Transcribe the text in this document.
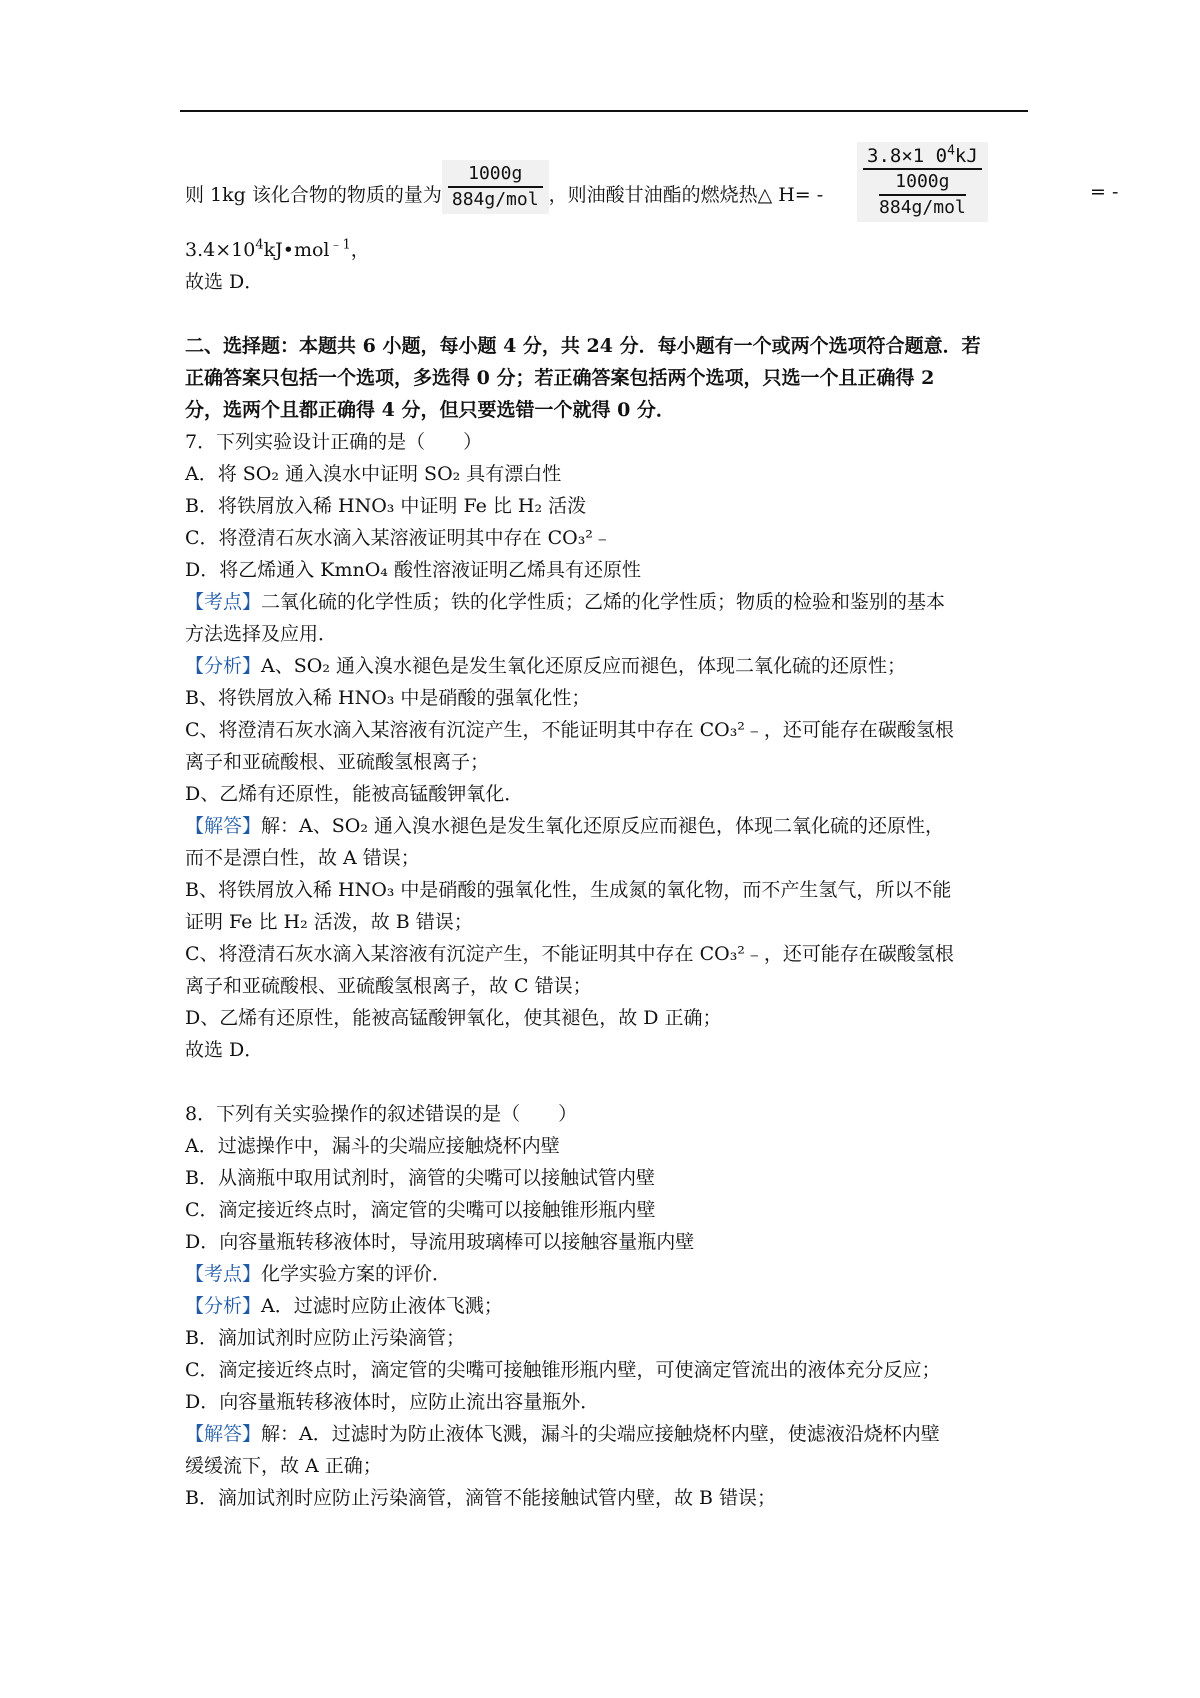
则 1kg 该化合物的物质的量为 $\frac{1000g}{\text{884g/mol}}$ ，则油酸甘油酯的燃烧热△ H= -
3.8×1 $0^4kJ$
$\frac{1000g}{\text{884g/mol}}$	= -
$3.4\times 10^4kJ•mol^{﹣1}$，
故选 D．
二、选择题：本题共 6 小题，每小题 4 分，共 24 分．每小题有一个或两个选项符合题意．若
正确答案只包括一个选项，多选得 0 分；若正确答案包括两个选项，只选一个且正确得 2
分，选两个且都正确得 4 分，但只要选错一个就得 0 分．
7．下列实验设计正确的是（　　）
A．将 SO₂ 通入溴水中证明 SO₂ 具有漂白性
B．将铁屑放入稀 HNO₃ 中证明 Fe 比 H₂ 活泼
C．将澄清石灰水滴入某溶液证明其中存在 CO₃²﹣
D．将乙烯通入 KmnO₄ 酸性溶液证明乙烯具有还原性
【考点】二氧化硫的化学性质；铁的化学性质；乙烯的化学性质；物质的检验和鉴别的基本
方法选择及应用．
【分析】A、SO₂ 通入溴水褪色是发生氧化还原反应而褪色，体现二氧化硫的还原性；
B、将铁屑放入稀 HNO₃ 中是硝酸的强氧化性；
C、将澄清石灰水滴入某溶液有沉淀产生，不能证明其中存在 CO₃²﹣，还可能存在碳酸氢根
离子和亚硫酸根、亚硫酸氢根离子；
D、乙烯有还原性，能被高锰酸钾氧化．
【解答】解：A、SO₂ 通入溴水褪色是发生氧化还原反应而褪色，体现二氧化硫的还原性，
而不是漂白性，故 A 错误；
B、将铁屑放入稀 HNO₃ 中是硝酸的强氧化性，生成氮的氧化物，而不产生氢气，所以不能
证明 Fe 比 H₂ 活泼，故 B 错误；
C、将澄清石灰水滴入某溶液有沉淀产生，不能证明其中存在 CO₃²﹣，还可能存在碳酸氢根
离子和亚硫酸根、亚硫酸氢根离子，故 C 错误；
D、乙烯有还原性，能被高锰酸钾氧化，使其褪色，故 D 正确；
故选 D．
8．下列有关实验操作的叙述错误的是（　　）
A．过滤操作中，漏斗的尖端应接触烧杯内壁
B．从滴瓶中取用试剂时，滴管的尖嘴可以接触试管内壁
C．滴定接近终点时，滴定管的尖嘴可以接触锥形瓶内壁
D．向容量瓶转移液体时，导流用玻璃棒可以接触容量瓶内壁
【考点】化学实验方案的评价．
【分析】A．过滤时应防止液体飞溅；
B．滴加试剂时应防止污染滴管；
C．滴定接近终点时，滴定管的尖嘴可接触锥形瓶内壁，可使滴定管流出的液体充分反应；
D．向容量瓶转移液体时，应防止流出容量瓶外．
【解答】解：A．过滤时为防止液体飞溅，漏斗的尖端应接触烧杯内壁，使滤液沿烧杯内壁
缓缓流下，故 A 正确；
B．滴加试剂时应防止污染滴管，滴管不能接触试管内壁，故 B 错误；
